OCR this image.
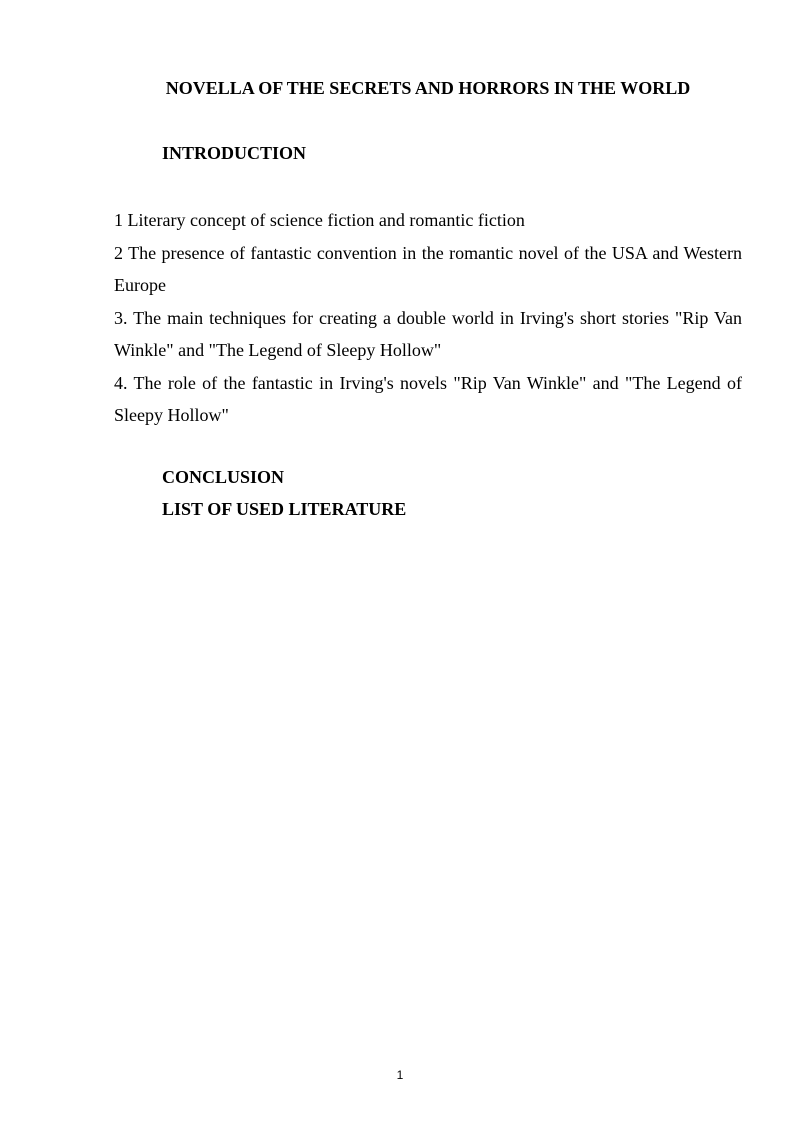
NOVELLA OF THE SECRETS AND HORRORS IN THE WORLD
INTRODUCTION
1 Literary concept of science fiction and romantic fiction
2 The presence of fantastic convention in the romantic novel of the USA and Western Europe
3. The main techniques for creating a double world in Irving's short stories "Rip Van Winkle" and "The Legend of Sleepy Hollow"
4. The role of the fantastic in Irving's novels "Rip Van Winkle" and "The Legend of Sleepy Hollow"
CONCLUSION
LIST OF USED LITERATURE
1
